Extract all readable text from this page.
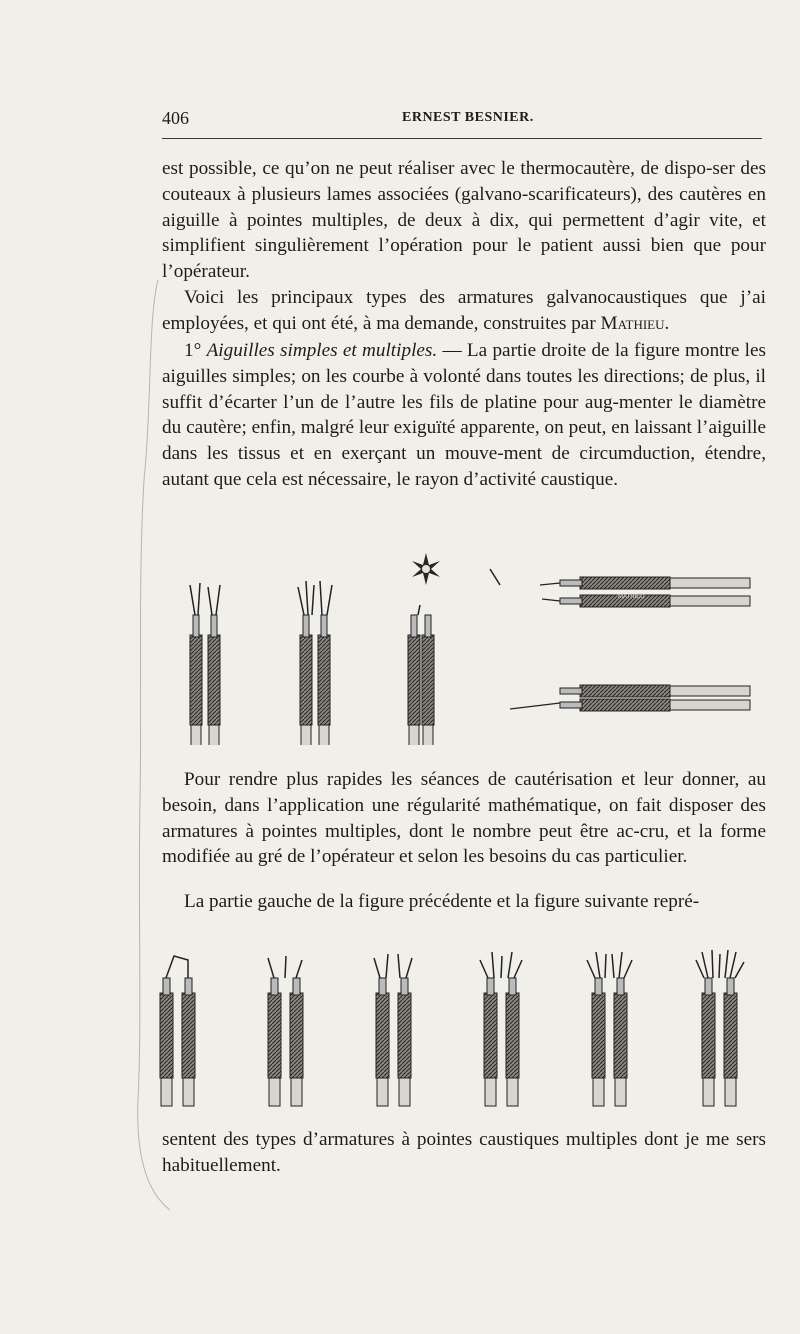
406	ERNEST BESNIER.

est possible, ce qu’on ne peut réaliser avec le thermocautère, de dispo-ser des couteaux à plusieurs lames associées (galvano-scarificateurs), des cautères en aiguille à pointes multiples, de deux à dix, qui permettent d’agir vite, et simplifient singulièrement l’opération pour le patient aussi bien que pour l’opérateur.

Voici les principaux types des armatures galvanocaustiques que j’ai employées, et qui ont été, à ma demande, construites par Mathieu.

1° Aiguilles simples et multiples. — La partie droite de la figure montre les aiguilles simples; on les courbe à volonté dans toutes les directions; de plus, il suffit d’écarter l’un de l’autre les fils de platine pour aug-menter le diamètre du cautère; enfin, malgré leur exiguïté apparente, on peut, en laissant l’aiguille dans les tissus et en exerçant un mouve-ment de circumduction, étendre, autant que cela est nécessaire, le rayon d’activité caustique.

MATHIEU

Pour rendre plus rapides les séances de cautérisation et leur donner, au besoin, dans l’application une régularité mathématique, on fait disposer des armatures à pointes multiples, dont le nombre peut être ac-cru, et la forme modifiée au gré de l’opérateur et selon les besoins du cas particulier.

La partie gauche de la figure précédente et la figure suivante repré-

sentent des types d’armatures à pointes caustiques multiples dont je me sers habituellement.
